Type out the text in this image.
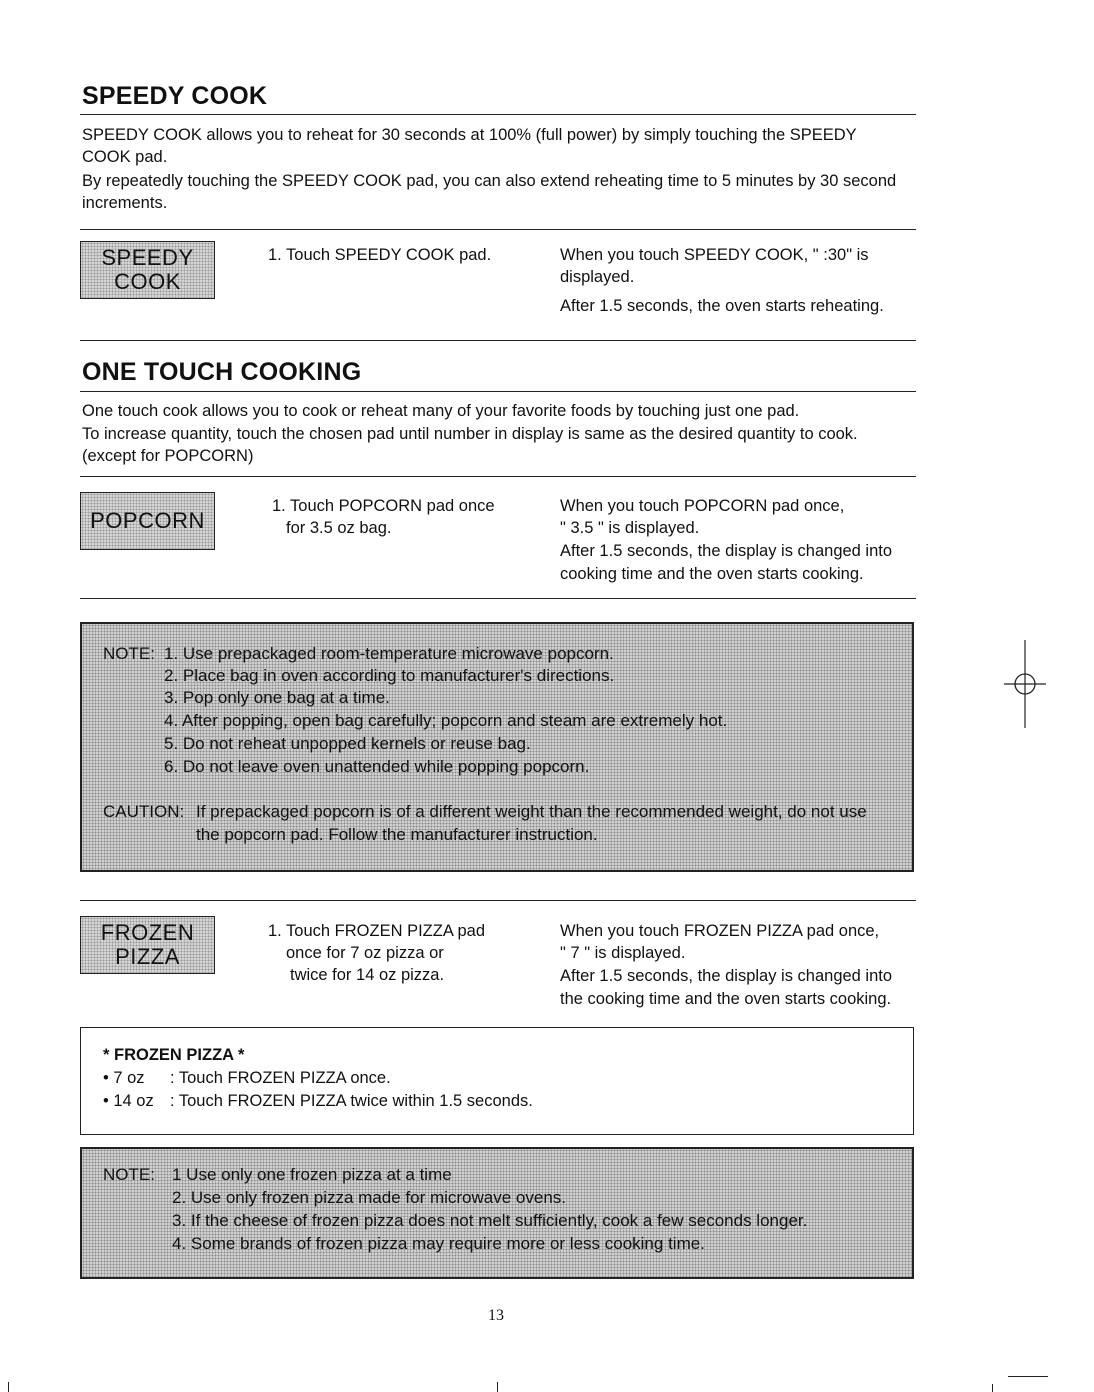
SPEEDY COOK
SPEEDY COOK allows you to reheat for 30 seconds at 100% (full power) by simply touching the SPEEDY COOK pad.
By repeatedly touching the SPEEDY COOK pad, you can also extend reheating time to 5 minutes by 30 second increments.
SPEEDY
COOK
1. Touch SPEEDY COOK pad.	When you touch SPEEDY COOK, " :30" is displayed.
After 1.5 seconds, the oven starts reheating.
ONE TOUCH COOKING
One touch cook allows you to cook or reheat many of your favorite foods by touching just one pad.
To increase quantity, touch the chosen pad until number in display is same as the desired quantity to cook. (except for POPCORN)
POPCORN
1. Touch POPCORN pad once
for 3.5 oz bag.
When you touch POPCORN pad once,
" 3.5 " is displayed.
After 1.5 seconds, the display is changed into
cooking time and the oven starts cooking.
NOTE: 1. Use prepackaged room-temperature microwave popcorn.
2. Place bag in oven according to manufacturer's directions.
3. Pop only one bag at a time.
4. After popping, open bag carefully; popcorn and steam are extremely hot.
5. Do not reheat unpopped kernels or reuse bag.
6. Do not leave oven unattended while popping popcorn.
CAUTION: If prepackaged popcorn is of a different weight than the recommended weight, do not use
the popcorn pad. Follow the manufacturer instruction.
FROZEN
PIZZA
1. Touch FROZEN PIZZA pad
once for 7 oz pizza or
twice for 14 oz pizza.
When you touch FROZEN PIZZA pad once,
" 7 " is displayed.
After 1.5 seconds, the display is changed into
the cooking time and the oven starts cooking.
* FROZEN PIZZA *
• 7 oz : Touch FROZEN PIZZA once.
• 14 oz : Touch FROZEN PIZZA twice within 1.5 seconds.
NOTE: 1 Use only one frozen pizza at a time
2. Use only frozen pizza made for microwave ovens.
3. If the cheese of frozen pizza does not melt sufficiently, cook a few seconds longer.
4. Some brands of frozen pizza may require more or less cooking time.
13
